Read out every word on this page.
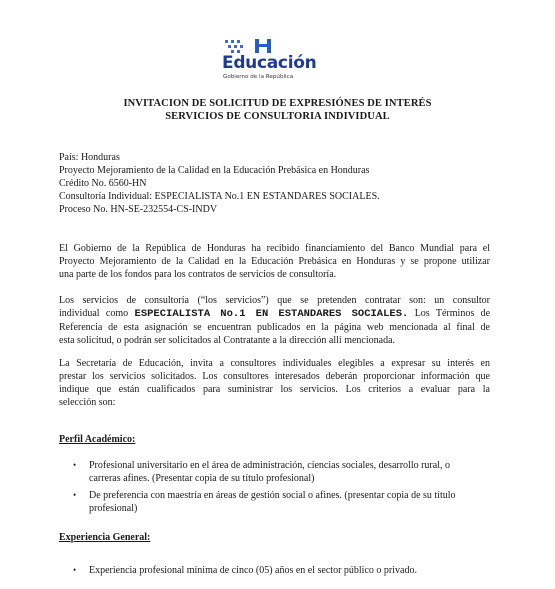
Educación
Gobierno de la República
INVITACION DE SOLICITUD DE EXPRESIÓNES DE INTERÉS
SERVICIOS DE CONSULTORIA INDIVIDUAL
País: Honduras
Proyecto Mejoramiento de la Calidad en la Educación Prebásica en Honduras
Crédito No. 6560-HN
Consultoría Individual: ESPECIALISTA No.1 EN ESTANDARES SOCIALES.
Proceso No. HN-SE-232554-CS-INDV
El Gobierno de la República de Honduras ha recibido financiamiento del Banco Mundial para el
Proyecto Mejoramiento de la Calidad en la Educación Prebásica en Honduras y se propone utilizar
una parte de los fondos para los contratos de servicios de consultoría.
Los servicios de consultoría (“los servicios”) que se pretenden contratar son: un consultor
individual como ESPECIALISTA No.1 EN ESTANDARES SOCIALES. Los Términos de
Referencia de esta asignación se encuentran publicados en la página web mencionada al final de
esta solicitud, o podrán ser solicitados al Contratante a la dirección allí mencionada.
La Secretaría de Educación, invita a consultores individuales elegibles a expresar su interés en
prestar los servicios solicitados. Los consultores interesados deberán proporcionar información que
indique que están cualificados para suministrar los servicios. Los criterios a evaluar para la
selección son:
Perfil Académico:
•	Profesional universitario en el área de administración, ciencias sociales, desarrollo rural, o
carreras afines. (Presentar copia de su título profesional)
•	De preferencia con maestría en áreas de gestión social o afines. (presentar copia de su título
profesional)
Experiencia General:
•	Experiencia profesional mínima de cinco (05) años en el sector público o privado.
